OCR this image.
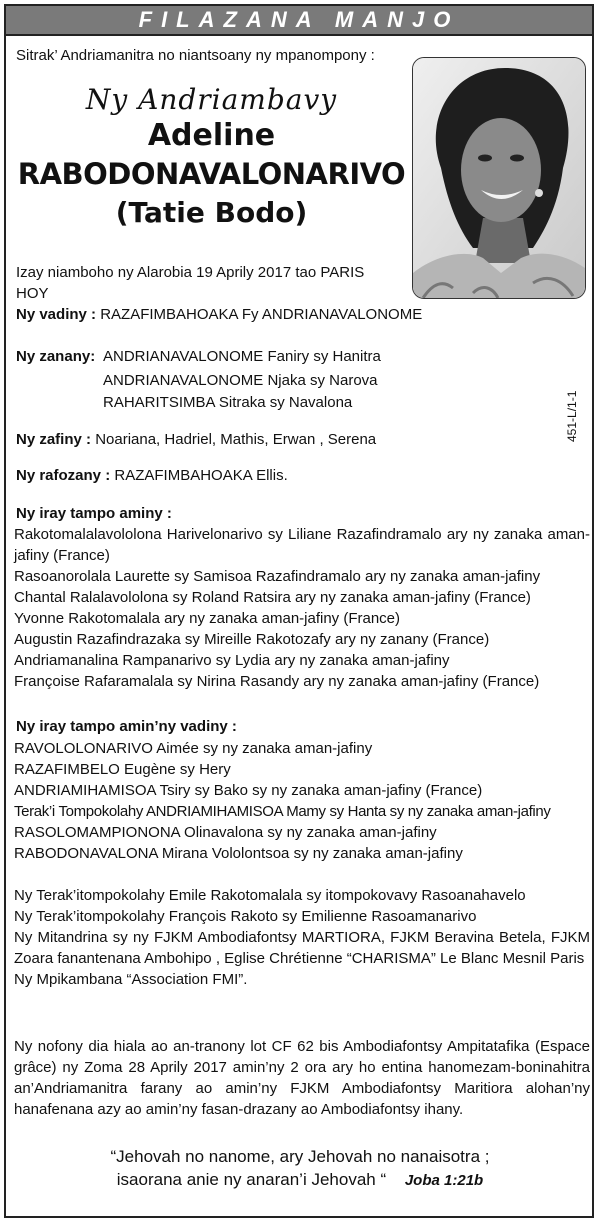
FILAZANA MANJO
Sitrak’ Andriamanitra no niantsoany ny mpanompony :
Ny Andriambavy
Adeline
RABODONAVALONARIVO
(Tatie Bodo)
Izay niamboho ny Alarobia 19 Aprily 2017 tao PARIS
HOY
Ny vadiny : RAZAFIMBAHOAKA Fy ANDRIANAVALONOME
Ny zanany: ANDRIANAVALONOME Faniry sy Hanitra
ANDRIANAVALONOME Njaka sy Narova
RAHARITSIMBA Sitraka sy Navalona
Ny zafiny : Noariana, Hadriel, Mathis, Erwan , Serena
Ny rafozany : RAZAFIMBAHOAKA Ellis.
451-L/1-1
Ny iray tampo aminy :
Rakotomalalavololona Harivelonarivo sy Liliane Razafindramalo ary ny zanaka aman-jafiny (France)
Rasoanorolala Laurette sy Samisoa Razafindramalo ary ny zanaka aman-jafiny
Chantal Ralalavololona sy Roland Ratsira ary ny zanaka aman-jafiny (France)
Yvonne Rakotomalala ary ny zanaka aman-jafiny (France)
Augustin Razafindrazaka sy Mireille Rakotozafy ary ny zanany (France)
Andriamanalina Rampanarivo sy Lydia ary ny zanaka aman-jafiny
Françoise Rafaramalala sy Nirina Rasandy ary ny zanaka aman-jafiny (France)
Ny iray tampo amin’ny vadiny :
RAVOLOLONARIVO Aimée sy ny zanaka aman-jafiny
RAZAFIMBELO Eugène sy Hery
ANDRIAMIHAMISOA Tsiry sy Bako sy ny zanaka aman-jafiny (France)
Terak’i Tompokolahy ANDRIAMIHAMISOA Mamy sy Hanta sy ny zanaka aman-jafiny
RASOLOMAMPIONONA Olinavalona sy ny zanaka aman-jafiny
RABODONAVALONA Mirana Vololontsoa sy ny zanaka aman-jafiny
Ny Terak’itompokolahy Emile Rakotomalala sy itompokovavy Rasoanahavelo
Ny Terak’itompokolahy François Rakoto sy Emilienne Rasoamanarivo
Ny Mitandrina sy ny FJKM Ambodiafontsy MARTIORA, FJKM Beravina Betela, FJKM Zoara fanantenana Ambohipo , Eglise Chrétienne “CHARISMA” Le Blanc Mesnil Paris
Ny Mpikambana “Association FMI”.
Ny nofony dia hiala ao an-tranony lot CF 62 bis Ambodiafontsy Ampitatafika (Espace grâce) ny Zoma 28 Aprily 2017 amin’ny 2 ora ary ho entina hanomezam-boninahitra an’Andriamanitra farany ao amin’ny FJKM Ambodiafontsy Maritiora alohan’ny hanafenana azy ao amin’ny fasan-drazany ao Ambodiafontsy ihany.
“Jehovah no nanome, ary Jehovah no nanaisotra ;
isaorana anie ny anaran’i Jehovah “ Joba 1:21b
